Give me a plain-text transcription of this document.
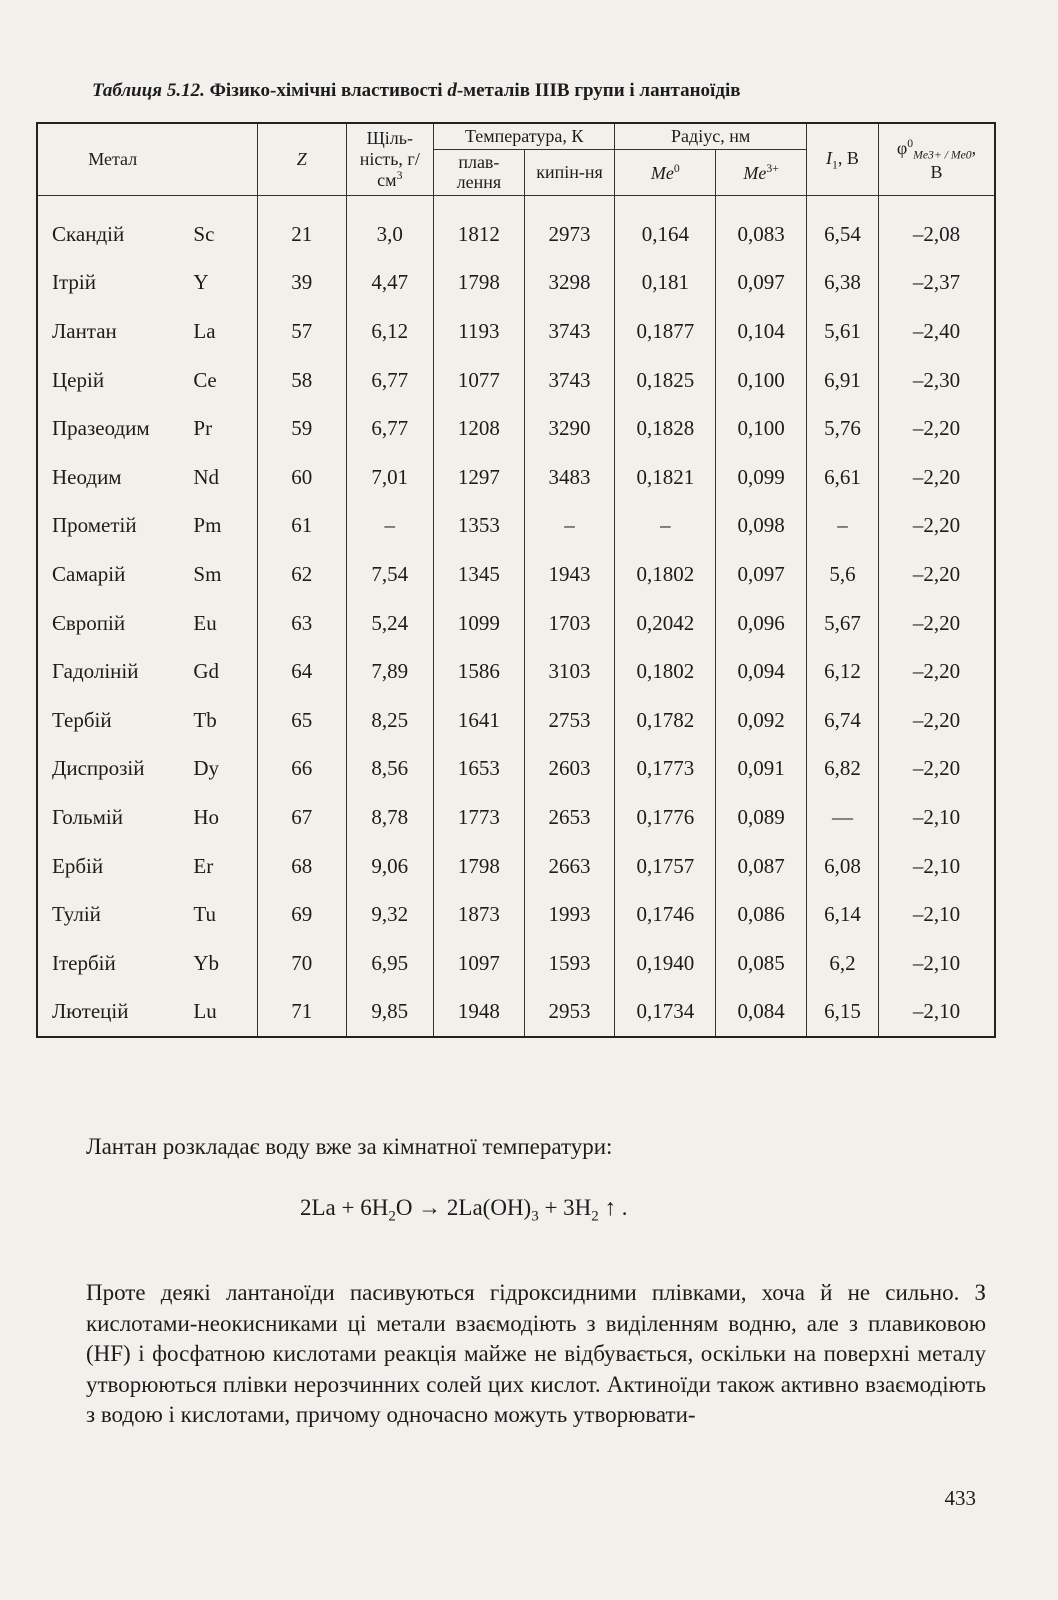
Таблиця 5.12. Фізико-хімічні властивості d-металів ІІІВ групи і лантаноїдів
Метал		Z	Щіль-ність, $г/см^3$	Температура, К		Радіус, нм		$I_1$, В	$\varphi^0_{Me3+ / Me0}$,
В
				плав-лення	кипін-ня	Me$^0$	$Me^{3+}$
Скандій	Sc	21	3,0	1812	2973	0,164	0,083	6,54	–2,08
Ітрій	Y	39	4,47	1798	3298	0,181	0,097	6,38	–2,37
Лантан	La	57	6,12	1193	3743	0,1877	0,104	5,61	–2,40
Церій	Ce	58	6,77	1077	3743	0,1825	0,100	6,91	–2,30
Празеодим	Pr	59	6,77	1208	3290	0,1828	0,100	5,76	–2,20
Неодим	Nd	60	7,01	1297	3483	0,1821	0,099	6,61	–2,20
Прометій	Pm	61	–	1353	–	–	0,098	–	–2,20
Самарій	Sm	62	7,54	1345	1943	0,1802	0,097	5,6	–2,20
Європій	Eu	63	5,24	1099	1703	0,2042	0,096	5,67	–2,20
Гадоліній	Gd	64	7,89	1586	3103	0,1802	0,094	6,12	–2,20
Тербій	Tb	65	8,25	1641	2753	0,1782	0,092	6,74	–2,20
Диспрозій	Dy	66	8,56	1653	2603	0,1773	0,091	6,82	–2,20
Гольмій	Ho	67	8,78	1773	2653	0,1776	0,089	—	–2,10
Ербій	Er	68	9,06	1798	2663	0,1757	0,087	6,08	–2,10
Тулій	Tu	69	9,32	1873	1993	0,1746	0,086	6,14	–2,10
Ітербій	Yb	70	6,95	1097	1593	0,1940	0,085	6,2	–2,10
Лютецій	Lu	71	9,85	1948	2953	0,1734	0,084	6,15	–2,10
Лантан розкладає воду вже за кімнатної температури:
$2La + 6H_2O \to 2La(OH)_3 + 3H_2$ ↑ .
Проте деякі лантаноїди пасивуються гідроксидними плівками, хоча й не сильно. З кислотами-неокисниками ці метали взаємодіють з виділенням водню, але з плавиковою (HF) і фосфатною кислотами реакція майже не відбувається, оскільки на поверхні металу утворюються плівки нерозчинних солей цих кислот. Актиноїди також активно взаємодіють з водою і кислотами, причому одночасно можуть утворювати-
433
